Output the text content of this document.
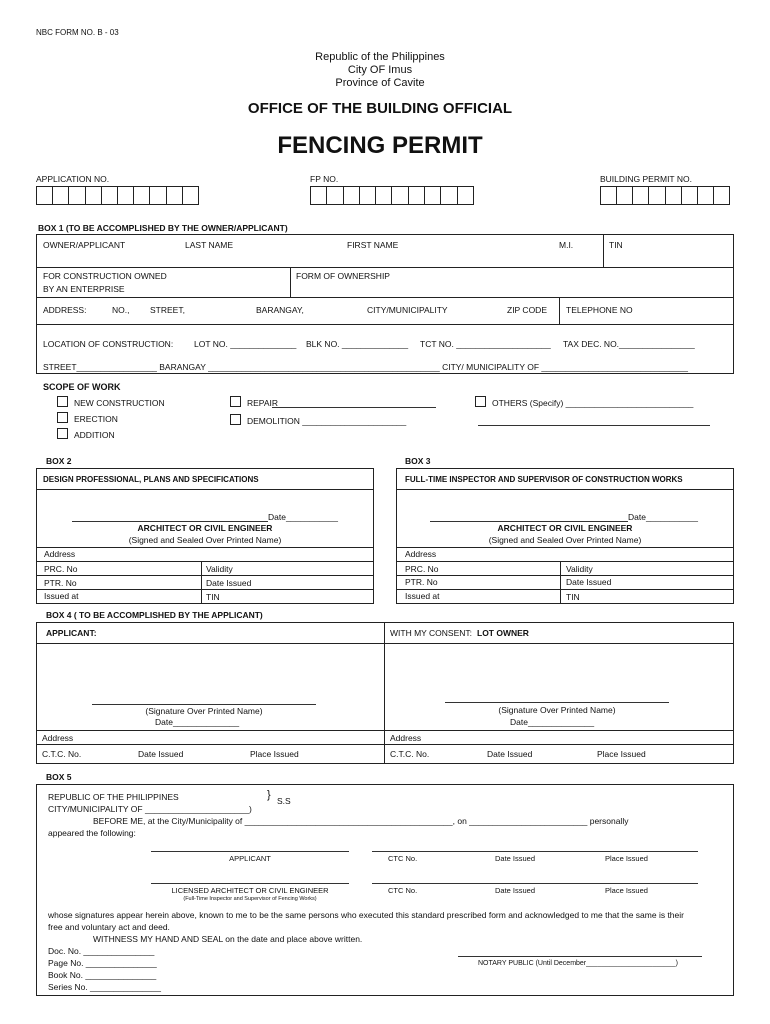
NBC FORM NO. B - 03
Republic of the Philippines
City OF Imus
Province of Cavite
OFFICE OF THE BUILDING OFFICIAL
FENCING PERMIT
APPLICATION NO.	FP NO.	BUILDING PERMIT NO.
BOX 1 (TO BE ACCOMPLISHED BY THE OWNER/APPLICANT)
OWNER/APPLICANT	LAST NAME	FIRST NAME	M.I.	TIN
FOR CONSTRUCTION OWNED
BY AN ENTERPRISE
FORM OF OWNERSHIP
ADDRESS:	NO., STREET,	BARANGAY,	CITY/MUNICIPALITY	ZIP CODE TELEPHONE NO
LOCATION OF CONSTRUCTION: LOT NO. ______________ BLK NO. ______________ TCT NO. ____________________ TAX DEC. NO.________________
STREET_________________ BARANGAY _________________________________________________ CITY/ MUNICIPALITY OF _______________________________
SCOPE OF WORK
NEW CONSTRUCTION
ERECTION
ADDITION
REPAIR
DEMOLITION ______________________
OTHERS (Specify) ___________________________
BOX 2
DESIGN PROFESSIONAL, PLANS AND SPECIFICATIONS
Date___________
ARCHITECT OR CIVIL ENGINEER
(Signed and Sealed Over Printed Name)
Address
PRC. No	Validity
PTR. No	Date Issued
Issued at	TIN
BOX 3
FULL-TIME INSPECTOR AND SUPERVISOR OF CONSTRUCTION WORKS
Date___________
ARCHITECT OR CIVIL ENGINEER
(Signed and Sealed Over Printed Name)
Address
PRC. No	Validity
PTR. No	Date Issued
Issued at	TIN
BOX 4 ( TO BE ACCOMPLISHED BY THE APPLICANT)
APPLICANT:	WITH MY CONSENT: LOT OWNER
(Signature Over Printed Name)
Date______________
(Signature Over Printed Name)
Date______________
Address	Address
C.T.C. No.	Date Issued	Place Issued	C.T.C. No.	Date Issued	Place Issued
BOX 5
REPUBLIC OF THE PHILIPPINES	} S.S
CITY/MUNICIPALITY OF ______________________)
BEFORE ME, at the City/Municipality of ____________________________________________, on _________________________ personally
appeared the following:
APPLICANT	CTC No.	Date Issued	Place Issued
LICENSED ARCHITECT OR CIVIL ENGINEER
(Full-Time Inspector and Supervisor of Fencing Works)
CTC No.	Date Issued	Place Issued
whose signatures appear herein above, known to me to be the same persons who executed this standard prescribed form and acknowledged to me that the same is their
free and voluntary act and deed.
WITHNESS MY HAND AND SEAL on the date and place above written.
Doc. No. _______________
Page No. _______________
Book No. _______________
Series No. _______________
NOTARY PUBLIC (Until December_______________________)
